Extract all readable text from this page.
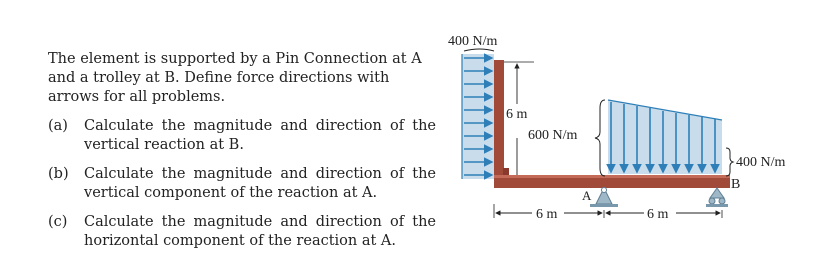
The element is supported by a Pin Connection at A and a trolley at B. Define force directions with arrows for all problems.

(a)	Calculate the magnitude and direction of the vertical reaction at B.
(b)	Calculate the magnitude and direction of the vertical component of the reaction at A.
(c)	Calculate the magnitude and direction of the horizontal component of the reaction at A.
400 N/m
6 m
600 N/m
400 N/m
A
B
6 m	6 m
